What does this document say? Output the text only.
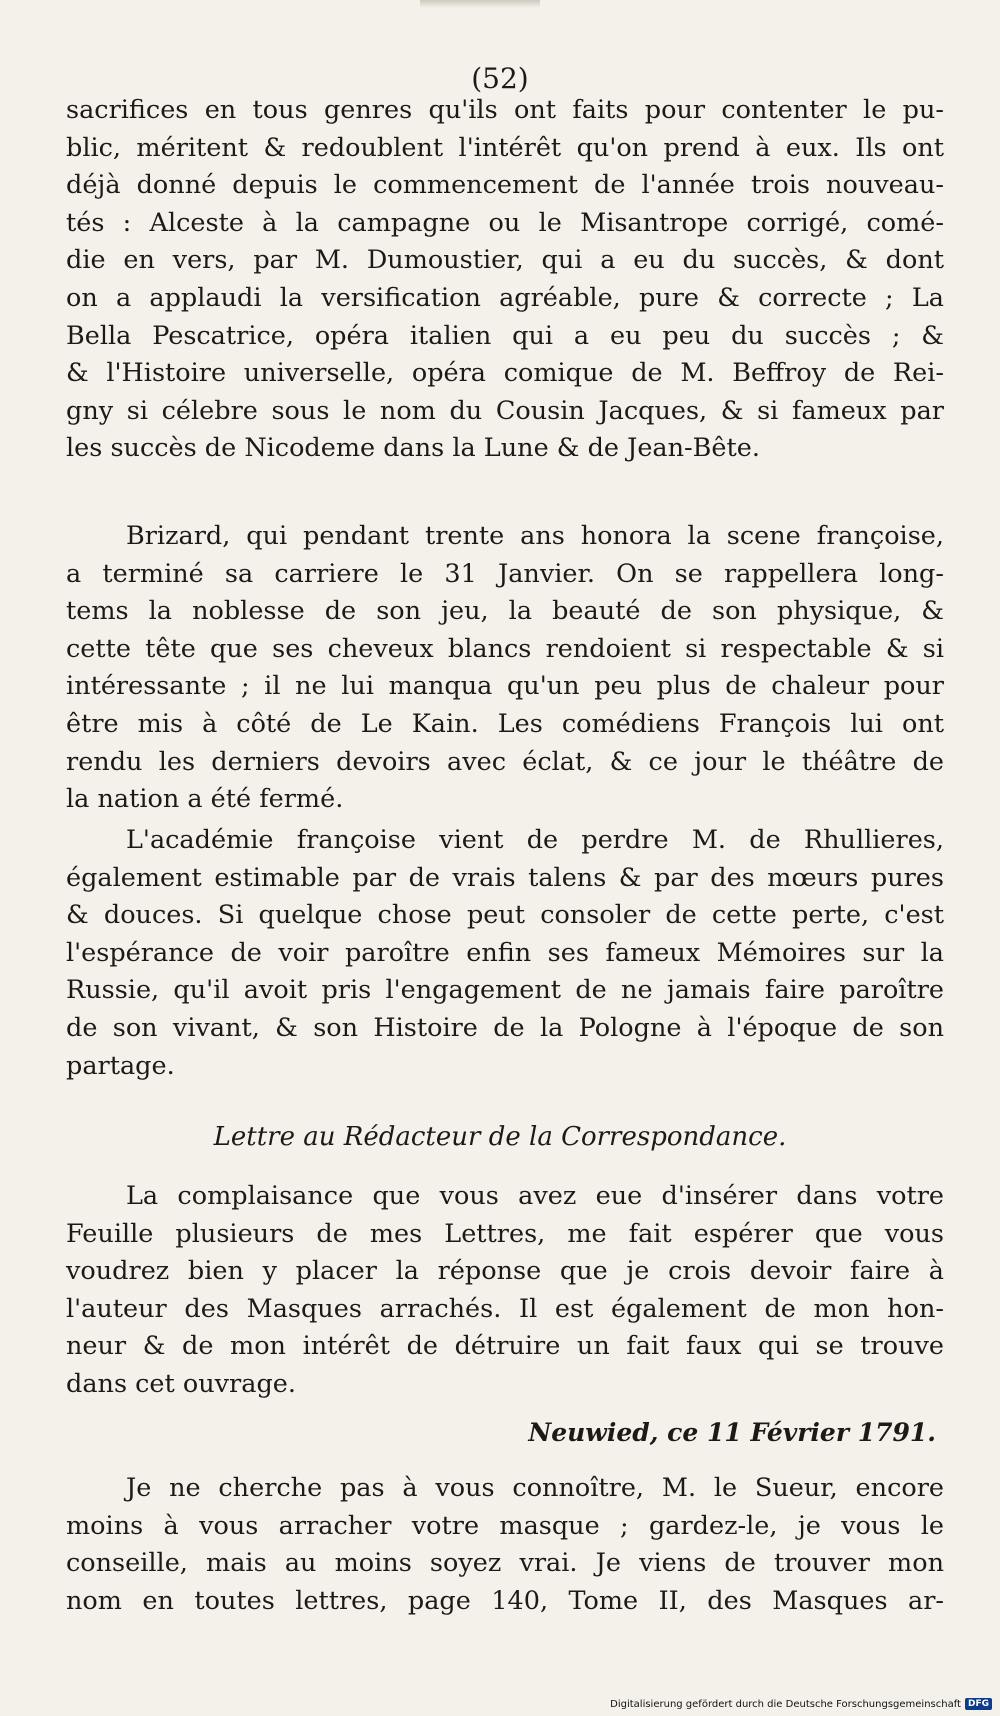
(52)
sacrifices en tous genres qu'ils ont faits pour contenter le pu-
blic, méritent & redoublent l'intérêt qu'on prend à eux. Ils ont
déjà donné depuis le commencement de l'année trois nouveau-
tés : Alceste à la campagne ou le Misantrope corrigé, comé-
die en vers, par M. Dumoustier, qui a eu du succès, & dont
on a applaudi la versification agréable, pure & correcte ; La
Bella Pescatrice, opéra italien qui a eu peu du succès ; &
& l'Histoire universelle, opéra comique de M. Beffroy de Rei-
gny si célebre sous le nom du Cousin Jacques, & si fameux par
les succès de Nicodeme dans la Lune & de Jean-Bête.
Brizard, qui pendant trente ans honora la scene françoise,
a terminé sa carriere le 31 Janvier. On se rappellera long-
tems la noblesse de son jeu, la beauté de son physique, &
cette tête que ses cheveux blancs rendoient si respectable & si
intéressante ; il ne lui manqua qu'un peu plus de chaleur pour
être mis à côté de Le Kain. Les comédiens François lui ont
rendu les derniers devoirs avec éclat, & ce jour le théâtre de
la nation a été fermé.
L'académie françoise vient de perdre M. de Rhullieres,
également estimable par de vrais talens & par des mœurs pures
& douces. Si quelque chose peut consoler de cette perte, c'est
l'espérance de voir paroître enfin ses fameux Mémoires sur la
Russie, qu'il avoit pris l'engagement de ne jamais faire paroître
de son vivant, & son Histoire de la Pologne à l'époque de son
partage.
Lettre au Rédacteur de la Correspondance.
La complaisance que vous avez eue d'insérer dans votre
Feuille plusieurs de mes Lettres, me fait espérer que vous
voudrez bien y placer la réponse que je crois devoir faire à
l'auteur des Masques arrachés. Il est également de mon hon-
neur & de mon intérêt de détruire un fait faux qui se trouve
dans cet ouvrage.
Neuwied, ce 11 Février 1791.
Je ne cherche pas à vous connoître, M. le Sueur, encore
moins à vous arracher votre masque ; gardez-le, je vous le
conseille, mais au moins soyez vrai. Je viens de trouver mon
nom en toutes lettres, page 140, Tome II, des Masques ar-
Digitalisierung gefördert durch die Deutsche Forschungsgemeinschaft DFG
